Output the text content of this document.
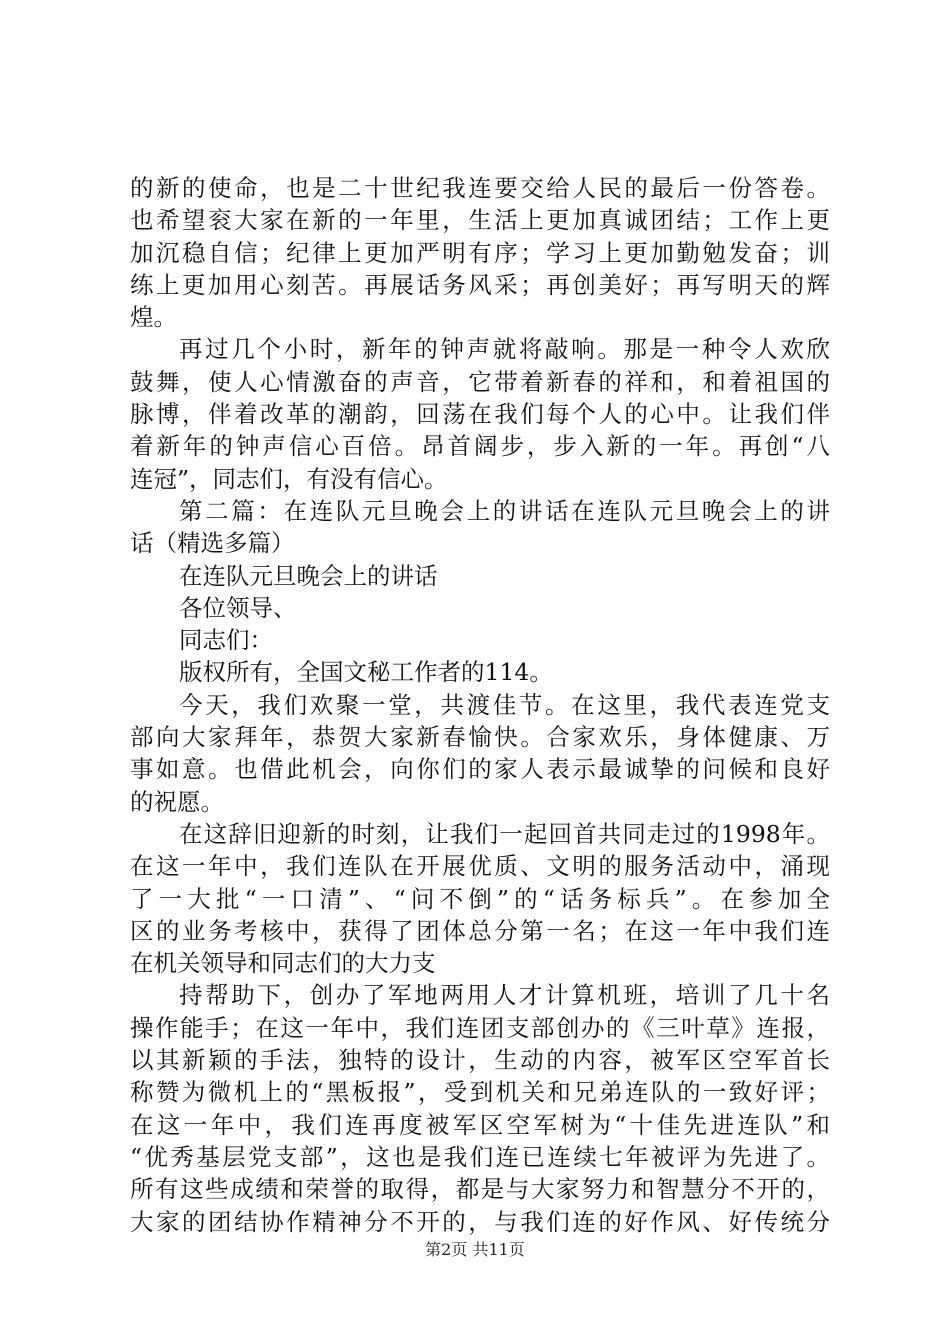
的新的使命，也是二十世纪我连要交给人民的最后一份答卷。
也希望衮大家在新的一年里，生活上更加真诚团结；工作上更
加沉稳自信；纪律上更加严明有序；学习上更加勤勉发奋；训
练上更加用心刻苦。再展话务风采；再创美好；再写明天的辉
煌。
再过几个小时，新年的钟声就将敲响。那是一种令人欢欣
鼓舞，使人心情激奋的声音，它带着新春的祥和，和着祖国的
脉博，伴着改革的潮韵，回荡在我们每个人的心中。让我们伴
着新年的钟声信心百倍。昂首阔步，步入新的一年。再创“八
连冠”，同志们，有没有信心。
第二篇：在连队元旦晚会上的讲话在连队元旦晚会上的讲
话（精选多篇）
在连队元旦晚会上的讲话
各位领导、
同志们：
版权所有，全国文秘工作者的114。
今天，我们欢聚一堂，共渡佳节。在这里，我代表连党支
部向大家拜年，恭贺大家新春愉快。合家欢乐，身体健康、万
事如意。也借此机会，向你们的家人表示最诚挚的问候和良好
的祝愿。
在这辞旧迎新的时刻，让我们一起回首共同走过的1998年。
在这一年中，我们连队在开展优质、文明的服务活动中，涌现
了一大批“一口清”、“问不倒”的“话务标兵”。在参加全
区的业务考核中，获得了团体总分第一名；在这一年中我们连
在机关领导和同志们的大力支
持帮助下，创办了军地两用人才计算机班，培训了几十名
操作能手；在这一年中，我们连团支部创办的《三叶草》连报，
以其新颖的手法，独特的设计，生动的内容，被军区空军首长
称赞为微机上的“黑板报”，受到机关和兄弟连队的一致好评；
在这一年中，我们连再度被军区空军树为“十佳先进连队”和
“优秀基层党支部”，这也是我们连已连续七年被评为先进了。
所有这些成绩和荣誉的取得，都是与大家努力和智慧分不开的，
大家的团结协作精神分不开的，与我们连的好作风、好传统分
第2页 共11页
